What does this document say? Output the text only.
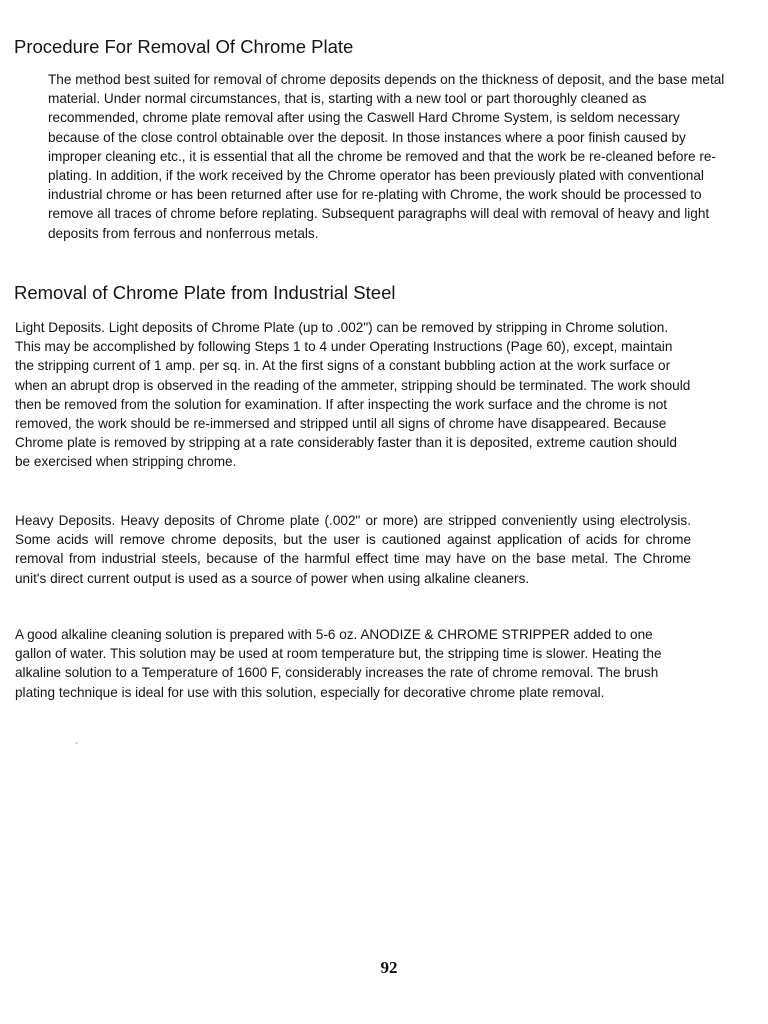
Procedure For Removal Of Chrome Plate

The method best suited for removal of chrome deposits depends on the thickness of deposit, and the base metal material. Under normal circumstances, that is, starting with a new tool or part thoroughly cleaned as recommended, chrome plate removal after using the Caswell Hard Chrome System, is seldom necessary because of the close control obtainable over the deposit. In those instances where a poor finish caused by improper cleaning etc., it is essential that all the chrome be removed and that the work be re-cleaned before re-plating. In addition, if the work received by the Chrome operator has been previously plated with conventional industrial chrome or has been returned after use for re-plating with Chrome, the work should be processed to remove all traces of chrome before replating. Subsequent paragraphs will deal with removal of heavy and light deposits from ferrous and nonferrous metals.

Removal of Chrome Plate from Industrial Steel

Light Deposits. Light deposits of Chrome Plate (up to .002") can be removed by stripping in Chrome solution. This may be accomplished by following Steps 1 to 4 under Operating Instructions (Page 60), except, maintain the stripping current of 1 amp. per sq. in. At the first signs of a constant bubbling action at the work surface or when an abrupt drop is observed in the reading of the ammeter, stripping should be terminated. The work should then be removed from the solution for examination. If after inspecting the work surface and the chrome is not removed, the work should be re-immersed and stripped until all signs of chrome have disappeared. Because Chrome plate is removed by stripping at a rate considerably faster than it is deposited, extreme caution should be exercised when stripping chrome.

Heavy Deposits. Heavy deposits of Chrome plate (.002" or more) are stripped conveniently using electrolysis. Some acids will remove chrome deposits, but the user is cautioned against application of acids for chrome removal from industrial steels, because of the harmful effect time may have on the base metal. The Chrome unit's direct current output is used as a source of power when using alkaline cleaners.

A good alkaline cleaning solution is prepared with 5-6 oz. ANODIZE & CHROME STRIPPER added to one gallon of water. This solution may be used at room temperature but, the stripping time is slower. Heating the alkaline solution to a Temperature of 1600 F, considerably increases the rate of chrome removal. The brush plating technique is ideal for use with this solution, especially for decorative chrome plate removal.

`
92
